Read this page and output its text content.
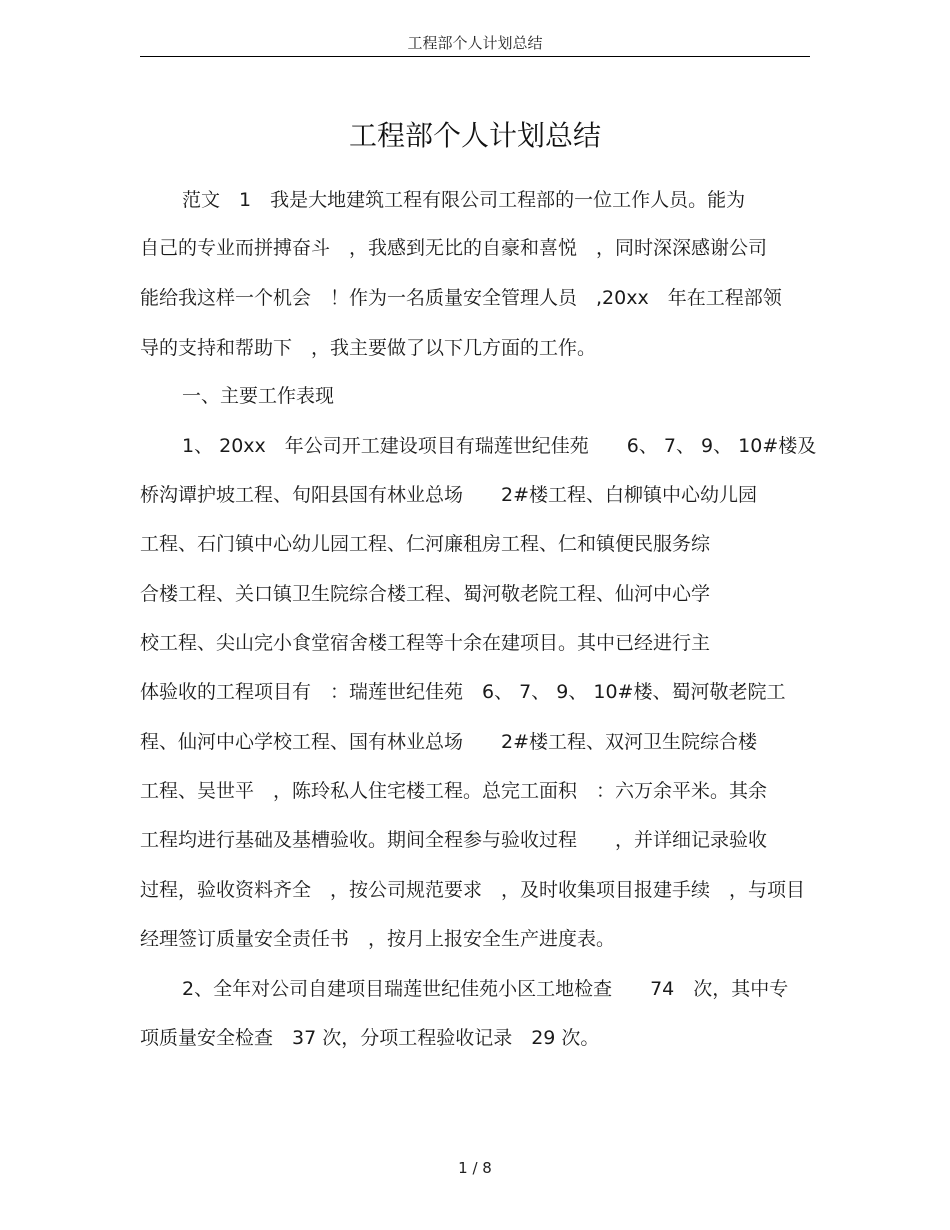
工程部个人计划总结
工程部个人计划总结
范文　1　我是大地建筑工程有限公司工程部的一位工作人员。能为
自己的专业而拼搏奋斗　，我感到无比的自豪和喜悦　，同时深深感谢公司
能给我这样一个机会　！作为一名质量安全管理人员　,20xx　年在工程部领
导的支持和帮助下　，我主要做了以下几方面的工作。
一、主要工作表现
1、 20xx　年公司开工建设项目有瑞莲世纪佳苑　　6、 7、 9、 10#楼及
桥沟谭护坡工程、旬阳县国有林业总场　　2#楼工程、白柳镇中心幼儿园
工程、石门镇中心幼儿园工程、仁河廉租房工程、仁和镇便民服务综
合楼工程、关口镇卫生院综合楼工程、蜀河敬老院工程、仙河中心学
校工程、尖山完小食堂宿舍楼工程等十余在建项目。其中已经进行主
体验收的工程项目有　：瑞莲世纪佳苑　6、 7、 9、 10#楼、蜀河敬老院工
程、仙河中心学校工程、国有林业总场　　2#楼工程、双河卫生院综合楼
工程、吴世平　，陈玲私人住宅楼工程。总完工面积　：六万余平米。其余
工程均进行基础及基槽验收。期间全程参与验收过程　　，并详细记录验收
过程，验收资料齐全　，按公司规范要求　，及时收集项目报建手续　，与项目
经理签订质量安全责任书　，按月上报安全生产进度表。
2、全年对公司自建项目瑞莲世纪佳苑小区工地检查　　74　次，其中专
项质量安全检查　37 次，分项工程验收记录　29 次。
1 / 8
